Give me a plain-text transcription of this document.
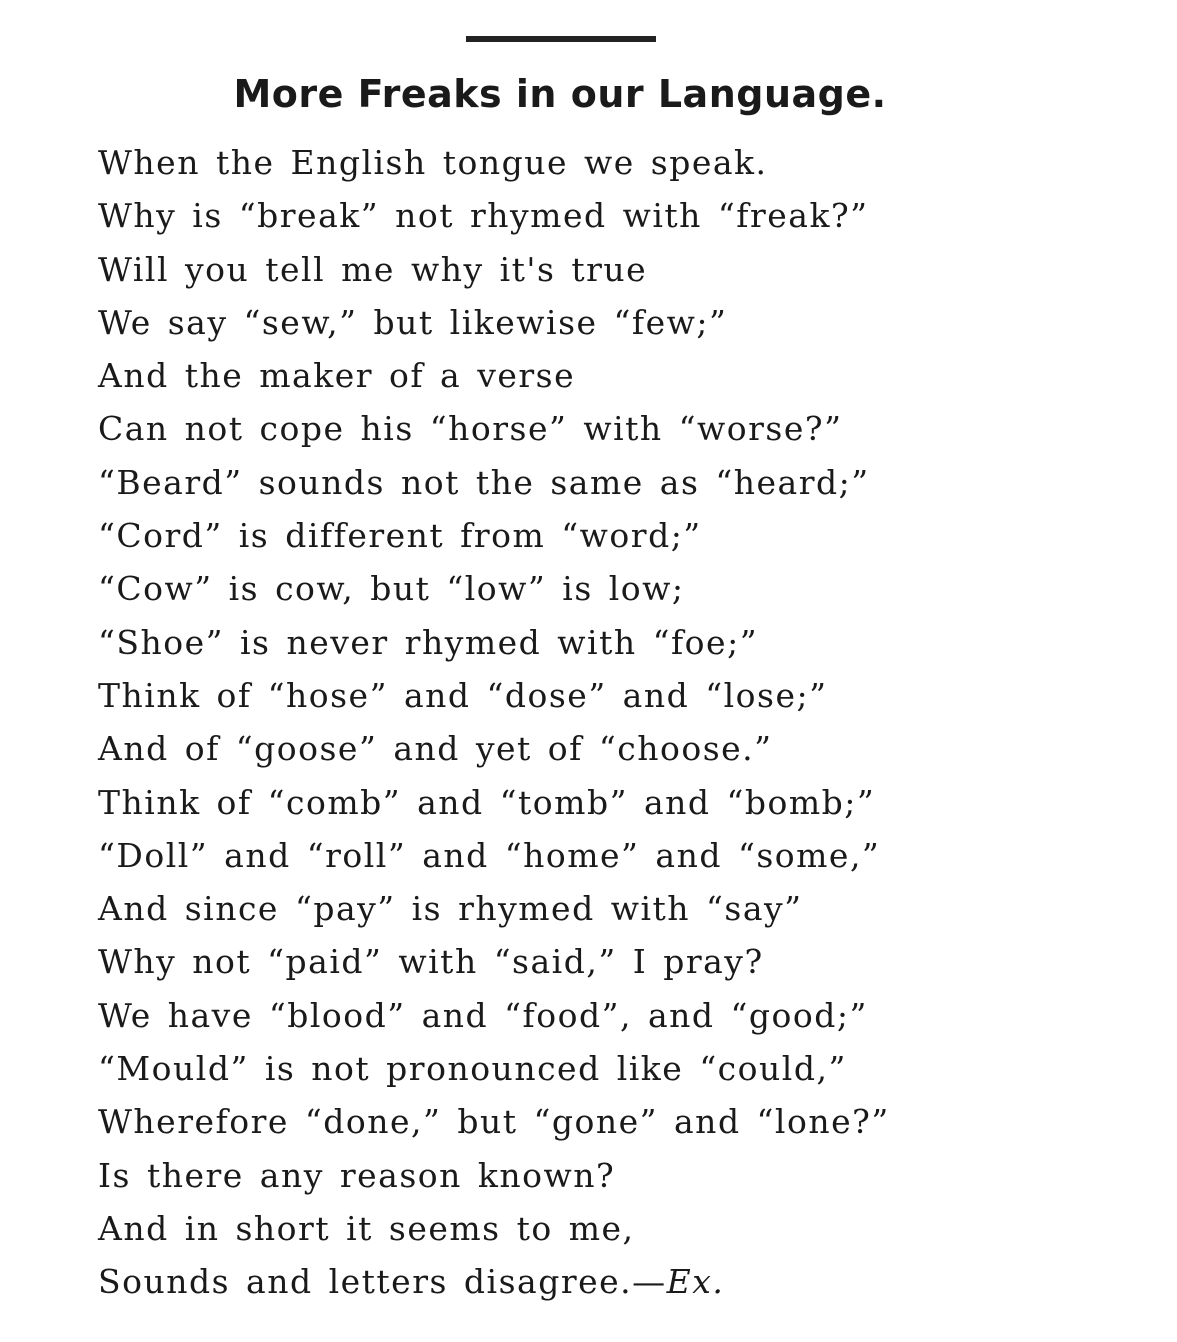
More Freaks in our Language.
When the English tongue we speak.
Why is “break” not rhymed with “freak?”
Will you tell me why it's true
We say “sew,” but likewise “few;”
And the maker of a verse
Can not cope his “horse” with “worse?”
“Beard” sounds not the same as “heard;”
“Cord” is different from “word;”
“Cow” is cow, but “low” is low;
“Shoe” is never rhymed with “foe;”
Think of “hose” and “dose” and “lose;”
And of “goose” and yet of “choose.”
Think of “comb” and “tomb” and “bomb;”
“Doll” and “roll” and “home” and “some,”
And since “pay” is rhymed with “say”
Why not “paid” with “said,” I pray?
We have “blood” and “food”, and “good;”
“Mould” is not pronounced like “could,”
Wherefore “done,” but “gone” and “lone?”
Is there any reason known?
And in short it seems to me,
Sounds and letters disagree.—Ex.
